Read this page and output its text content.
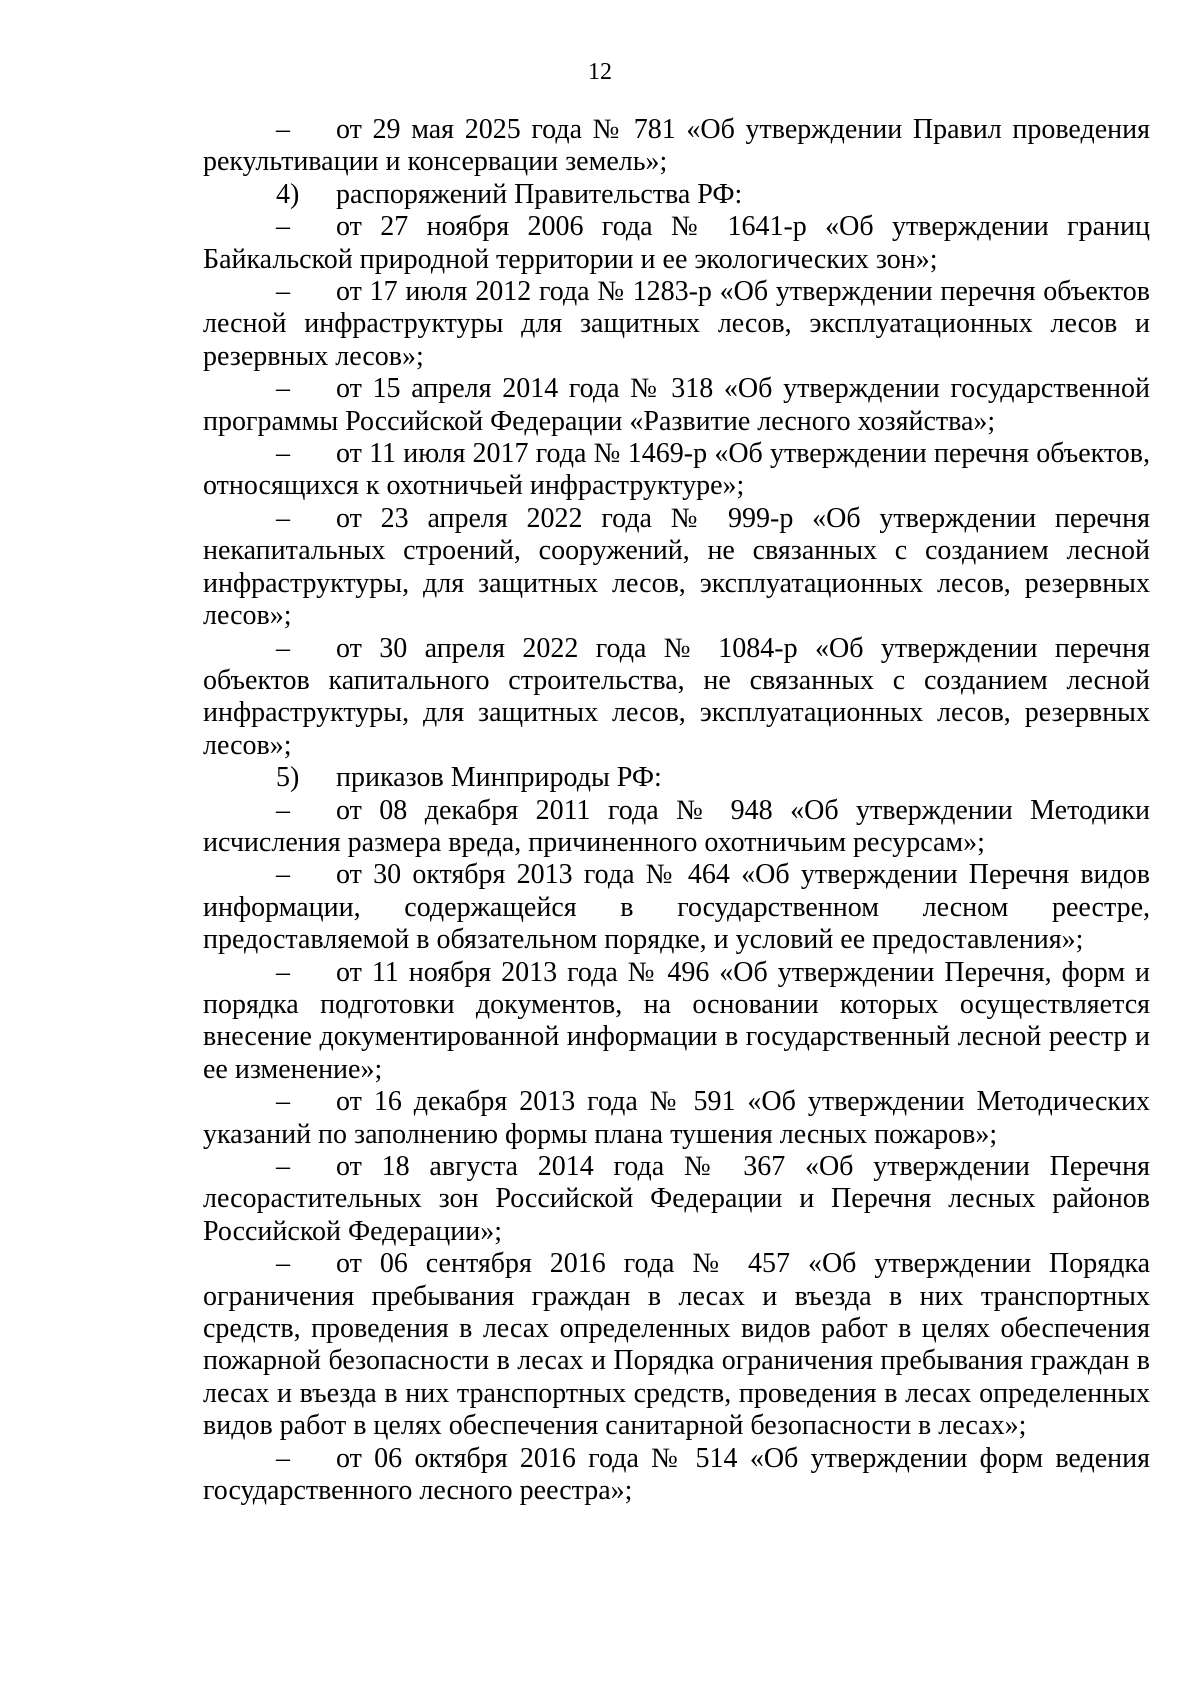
12

– от 29 мая 2025 года № 781 «Об утверждении Правил проведения рекультивации и консервации земель»;

4) распоряжений Правительства РФ:

– от 27 ноября 2006 года № 1641-р «Об утверждении границ Байкальской природной территории и ее экологических зон»;

– от 17 июля 2012 года № 1283-р «Об утверждении перечня объектов лесной инфраструктуры для защитных лесов, эксплуатационных лесов и резервных лесов»;

– от 15 апреля 2014 года № 318 «Об утверждении государственной программы Российской Федерации «Развитие лесного хозяйства»;

– от 11 июля 2017 года № 1469-р «Об утверждении перечня объектов, относящихся к охотничьей инфраструктуре»;

– от 23 апреля 2022 года № 999-р «Об утверждении перечня некапитальных строений, сооружений, не связанных с созданием лесной инфраструктуры, для защитных лесов, эксплуатационных лесов, резервных лесов»;

– от 30 апреля 2022 года № 1084-р «Об утверждении перечня объектов капитального строительства, не связанных с созданием лесной инфраструктуры, для защитных лесов, эксплуатационных лесов, резервных лесов»;

5) приказов Минприроды РФ:

– от 08 декабря 2011 года № 948 «Об утверждении Методики исчисления размера вреда, причиненного охотничьим ресурсам»;

– от 30 октября 2013 года № 464 «Об утверждении Перечня видов информации, содержащейся в государственном лесном реестре, предоставляемой в обязательном порядке, и условий ее предоставления»;

– от 11 ноября 2013 года № 496 «Об утверждении Перечня, форм и порядка подготовки документов, на основании которых осуществляется внесение документированной информации в государственный лесной реестр и ее изменение»;

– от 16 декабря 2013 года № 591 «Об утверждении Методических указаний по заполнению формы плана тушения лесных пожаров»;

– от 18 августа 2014 года № 367 «Об утверждении Перечня лесорастительных зон Российской Федерации и Перечня лесных районов Российской Федерации»;

– от 06 сентября 2016 года № 457 «Об утверждении Порядка ограничения пребывания граждан в лесах и въезда в них транспортных средств, проведения в лесах определенных видов работ в целях обеспечения пожарной безопасности в лесах и Порядка ограничения пребывания граждан в лесах и въезда в них транспортных средств, проведения в лесах определенных видов работ в целях обеспечения санитарной безопасности в лесах»;

– от 06 октября 2016 года № 514 «Об утверждении форм ведения государственного лесного реестра»;
